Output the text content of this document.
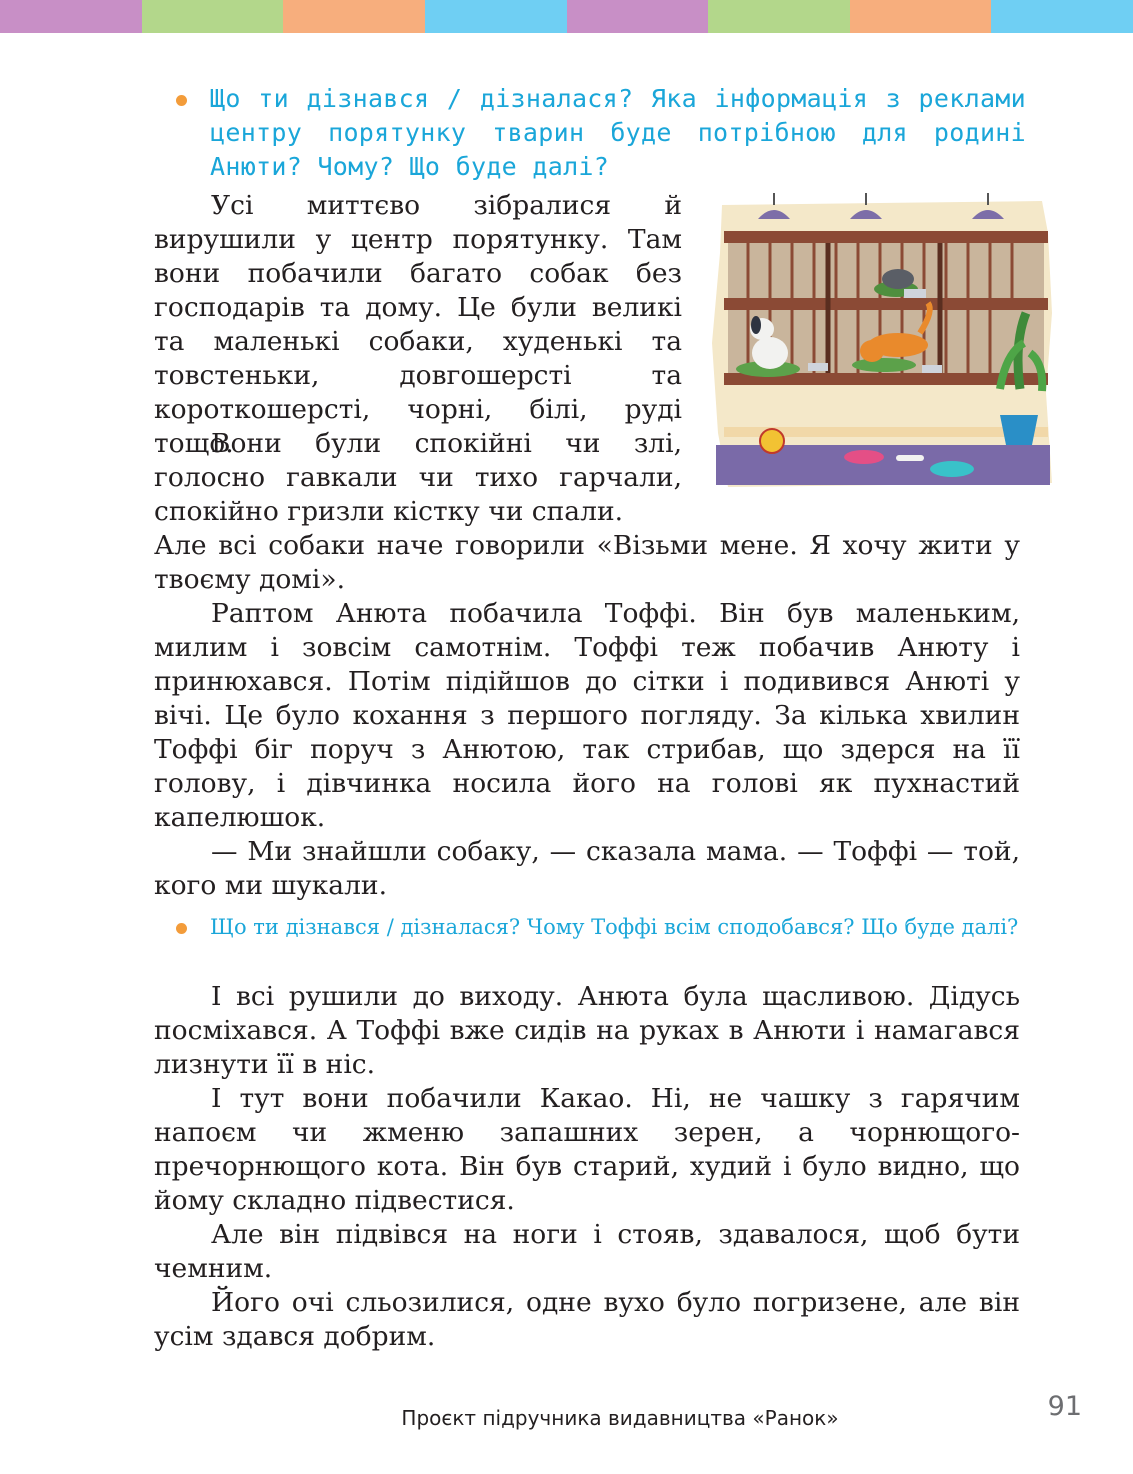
Що ти дізнався / дізналася? Яка інформація з реклами центру порятунку тварин буде потрібною для родині Анюти? Чому? Що буде далі?

Усі миттєво зібралися й вирушили у центр порятунку. Там вони побачили багато собак без господарів та дому. Це були великі та маленькі собаки, худенькі та товстеньки, довгошерсті та короткошерсті, чорні, білі, руді тощо.

Вони були спокійні чи злі, голосно гавкали чи тихо гарчали, спокійно гризли кістку чи спали.

Але всі собаки наче говорили «Візьми мене. Я хочу жити у твоєму домі».

Раптом Анюта побачила Тоффі. Він був маленьким, милим і зовсім самотнім. Тоффі теж побачив Анюту і принюхався. Потім підійшов до сітки і подивився Анюті у вічі. Це було кохання з першого погляду. За кілька хвилин Тоффі біг поруч з Анютою, так стрибав, що здерся на її голову, і дівчинка носила його на голові як пухнастий капелюшок.

— Ми знайшли собаку, — сказала мама. — Тоффі — той, кого ми шукали.

Що ти дізнався / дізналася? Чому Тоффі всім сподобався? Що буде далі?

І всі рушили до виходу. Анюта була щасливою. Дідусь посміхався. А Тоффі вже сидів на руках в Анюти і намагався лизнути її в ніс.

І тут вони побачили Какао. Ні, не чашку з гарячим напоєм чи жменю запашних зерен, а чорнющого-пречорнющого кота. Він був старий, худий і було видно, що йому складно підвестися.

Але він підвівся на ноги і стояв, здавалося, щоб бути чемним.

Його очі сльозилися, одне вухо було погризене, але він усім здався добрим.

Проєкт підручника видавництва «Ранок»	91
